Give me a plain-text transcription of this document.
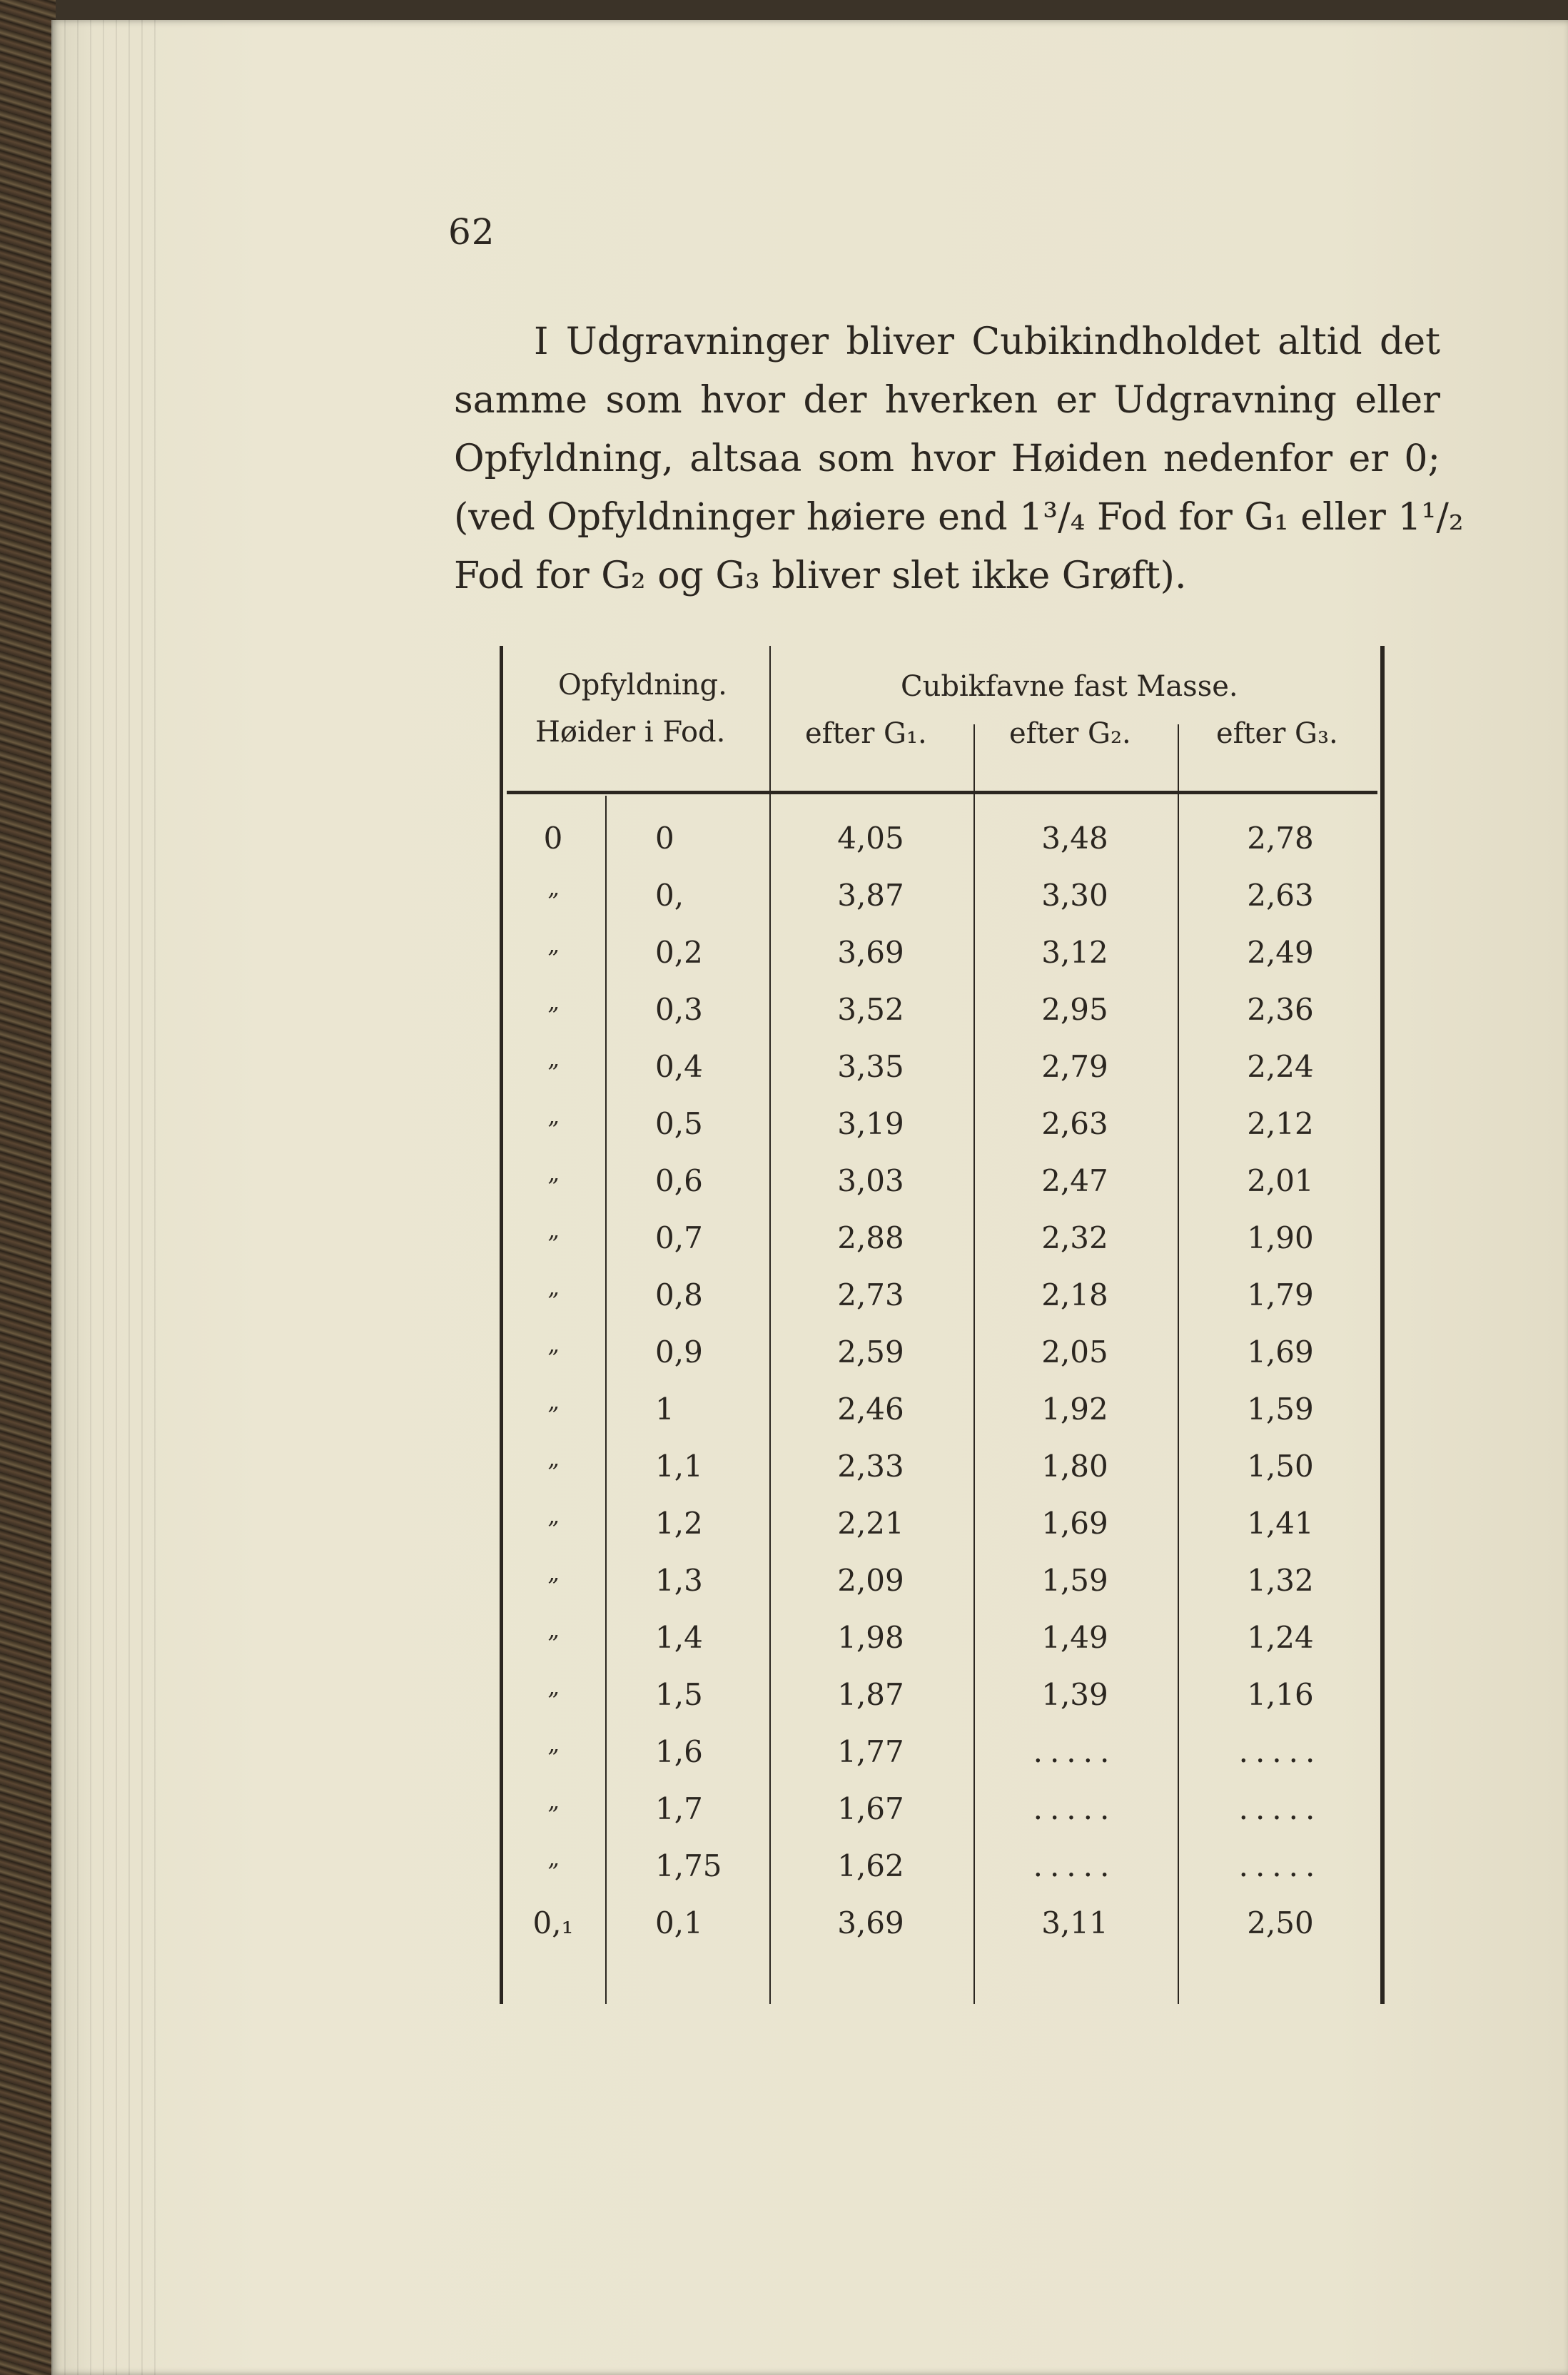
62
I Udgravninger bliver Cubikindholdet altid det
samme som hvor der hverken er Udgravning eller
Opfyldning, altsaa som hvor Høiden nedenfor er 0;
(ved Opfyldninger høiere end 1³/₄ Fod for G₁ eller 1¹/₂
Fod for G₂ og G₃ bliver slet ikke Grøft).
Opfyldning.
Høider i Fod.
Cubikfavne fast Masse.
efter G₁.	efter G₂.	efter G₃.
0	0	4,05	3,48	2,78
”	0,	3,87	3,30	2,63
”	0,2	3,69	3,12	2,49
”	0,3	3,52	2,95	2,36
”	0,4	3,35	2,79	2,24
”	0,5	3,19	2,63	2,12
”	0,6	3,03	2,47	2,01
”	0,7	2,88	2,32	1,90
”	0,8	2,73	2,18	1,79
”	0,9	2,59	2,05	1,69
”	1	2,46	1,92	1,59
”	1,1	2,33	1,80	1,50
”	1,2	2,21	1,69	1,41
”	1,3	2,09	1,59	1,32
”	1,4	1,98	1,49	1,24
”	1,5	1,87	1,39	1,16
”	1,6	1,77	.....	.....
”	1,7	1,67	.....	.....
”	1,75	1,62	.....	.....
0,₁	0,1	3,69	3,11	2,50
